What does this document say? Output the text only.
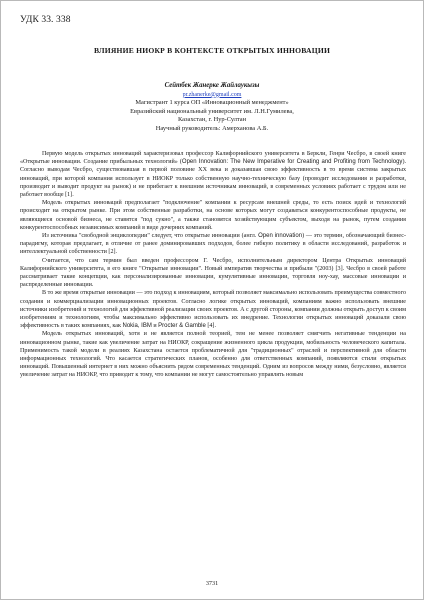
УДК 33. 338
ВЛИЯНИЕ НИОКР В КОНТЕКСТЕ ОТКРЫТЫХ ИННОВАЦИИ
Сейтбек Жанерке Жайлаукызы
pr.zhanerke@gmail.com
Магистрант 1 курса ОП «Инновационный менеджмент»
Евразийский национальный университет им. Л.Н.Гумилева,
Казахстан, г. Нур-Султан
Научный руководитель: Амерханова А.Б.

Первую модель открытых инноваций характеризовал профессор Калифорнийского университета в Беркли, Генри Чесбро, в своей книге «Открытые инновации. Создание прибыльных технологий» (Open Innovation: The New Imperative for Creating and Profiting from Technology). Согласно выводам Чесбро, существовавшая в первой половине XX века и доказавшая свою эффективность в то время система закрытых инноваций, при которой компания использует в НИОКР только собственную научно-техническую базу (проводит исследования и разработки, производит и выводит продукт на рынок) и не прибегает к внешним источникам инноваций, в современных условиях работает с трудом или не работает вообще [1].

Модель открытых инноваций предполагает "подключение" компании к ресурсам внешней среды, то есть поиск идей и технологий происходит на открытом рынке. При этом собственные разработки, на основе которых могут создаваться конкурентоспособные продукты, не являющиеся основой бизнеса, не ставятся "под сукно", а также становятся хозяйствующим субъектом, выходя на рынок, путем создания конкурентоспособных независимых компаний в виде дочерних компаний.

Из источника "свободной энциклопедии" следует, что открытые инновации (англ. Open innovation) — это термин, обозначающий бизнес-парадигму, которая предлагает, в отличие от ранее доминировавших подходов, более гибкую политику в области исследований, разработок и интеллектуальной собственности [2].

Считается, что сам термин был введен профессором Г. Чесбро, исполнительным директором Центра Открытых инноваций Калифорнийского университета, в его книге "Открытые инновации". Новый императив творчества и прибыли "(2003) [3]. Чесбро в своей работе рассматривает такие концепции, как персонализированные инновации, кумулятивные инновации, торговля ноу-хау, массовые инновации и распределенные инновации.

В то же время открытые инновации — это подход к инновациям, который позволяет максимально использовать преимущества совместного создания и коммерциализации инновационных проектов. Согласно логике открытых инноваций, компаниям важно использовать внешние источники изобретений и технологий для эффективной реализации своих проектов. А с другой стороны, компании должны открыть доступ к своим изобретениям и технологиям, чтобы максимально эффективно использовать их внедрение. Технологии открытых инноваций доказали свою эффективность в таких компаниях, как Nokia, IBM и Procter & Gamble [4].

Модель открытых инноваций, хотя и не является полной теорией, тем не менее позволяет смягчить негативные тенденции на инновационном рынке, такие как увеличение затрат на НИОКР, сокращение жизненного цикла продукции, мобильность человеческого капитала. Применимость такой модели в реалиях Казахстана остается проблематичной для "традиционных" отраслей и перспективной для области информационных технологий. Что касается стратегических планов, особенно для ответственных компаний, появляются стили открытых инноваций. Повышенный интернет в них можно объяснить рядом современных тенденций. Одним из вопросов между ними, безусловно, является увеличение затрат на НИОКР, что приводит к тому, что компании не могут самостоятельно управлять новым

3731
